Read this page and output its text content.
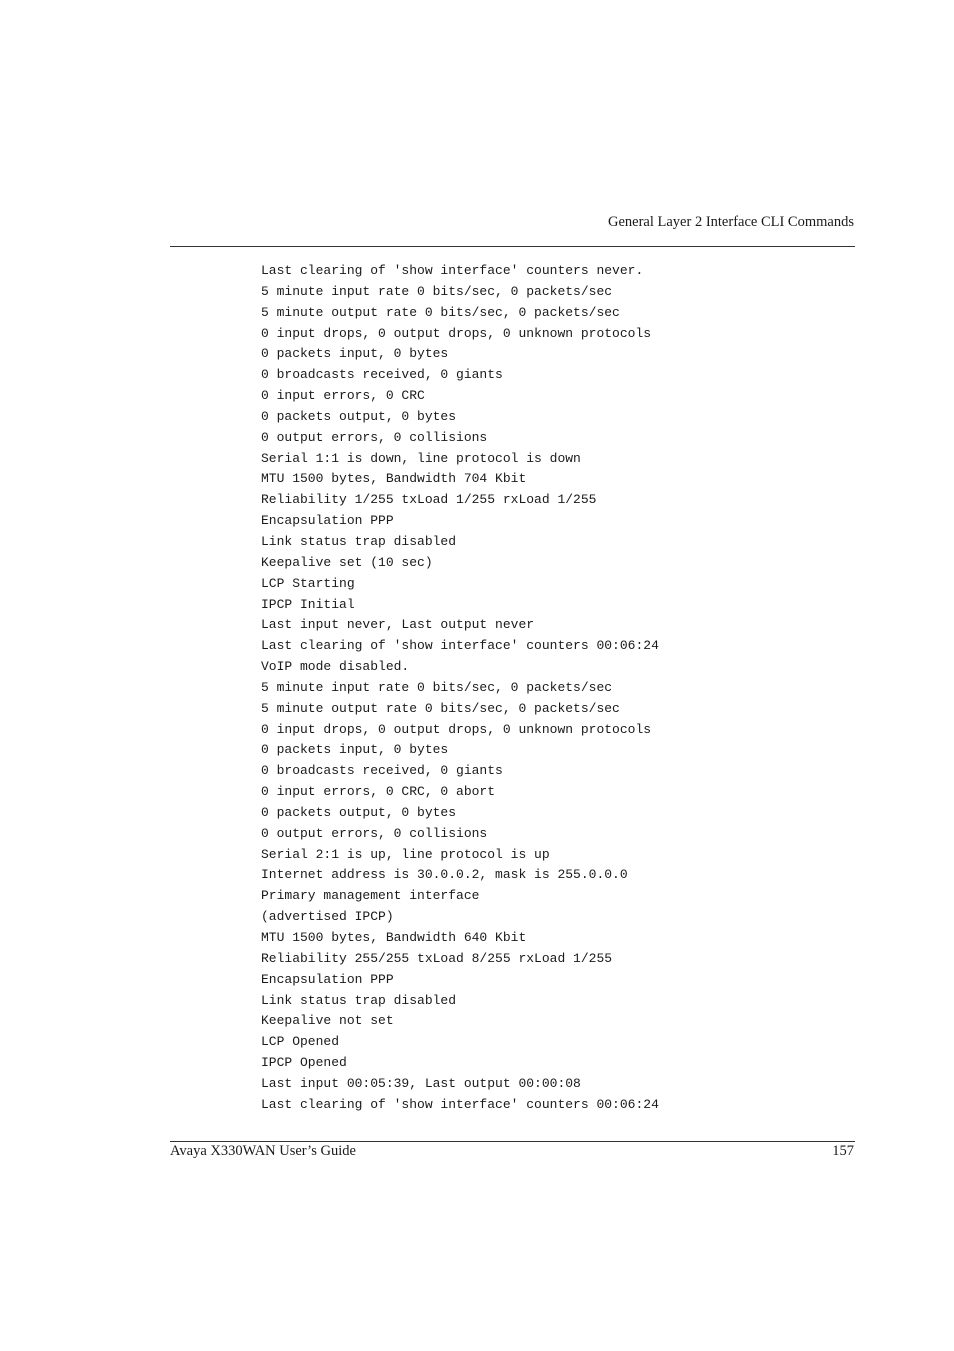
General Layer 2 Interface CLI Commands
Last clearing of 'show interface' counters never.
5 minute input rate 0 bits/sec, 0 packets/sec
5 minute output rate 0 bits/sec, 0 packets/sec
0 input drops, 0 output drops, 0 unknown protocols
0 packets input, 0 bytes
0 broadcasts received, 0 giants
0 input errors, 0 CRC
0 packets output, 0 bytes
0 output errors, 0 collisions
Serial 1:1 is down, line protocol is down
MTU 1500 bytes, Bandwidth 704 Kbit
Reliability 1/255 txLoad 1/255 rxLoad 1/255
Encapsulation PPP
Link status trap disabled
Keepalive set (10 sec)
LCP Starting
IPCP Initial
Last input never, Last output never
Last clearing of 'show interface' counters 00:06:24
VoIP mode disabled.
5 minute input rate 0 bits/sec, 0 packets/sec
5 minute output rate 0 bits/sec, 0 packets/sec
0 input drops, 0 output drops, 0 unknown protocols
0 packets input, 0 bytes
0 broadcasts received, 0 giants
0 input errors, 0 CRC, 0 abort
0 packets output, 0 bytes
0 output errors, 0 collisions
Serial 2:1 is up, line protocol is up
Internet address is 30.0.0.2, mask is 255.0.0.0
Primary management interface
(advertised IPCP)
MTU 1500 bytes, Bandwidth 640 Kbit
Reliability 255/255 txLoad 8/255 rxLoad 1/255
Encapsulation PPP
Link status trap disabled
Keepalive not set
LCP Opened
IPCP Opened
Last input 00:05:39, Last output 00:00:08
Last clearing of 'show interface' counters 00:06:24
Avaya X330WAN User’s Guide	157
